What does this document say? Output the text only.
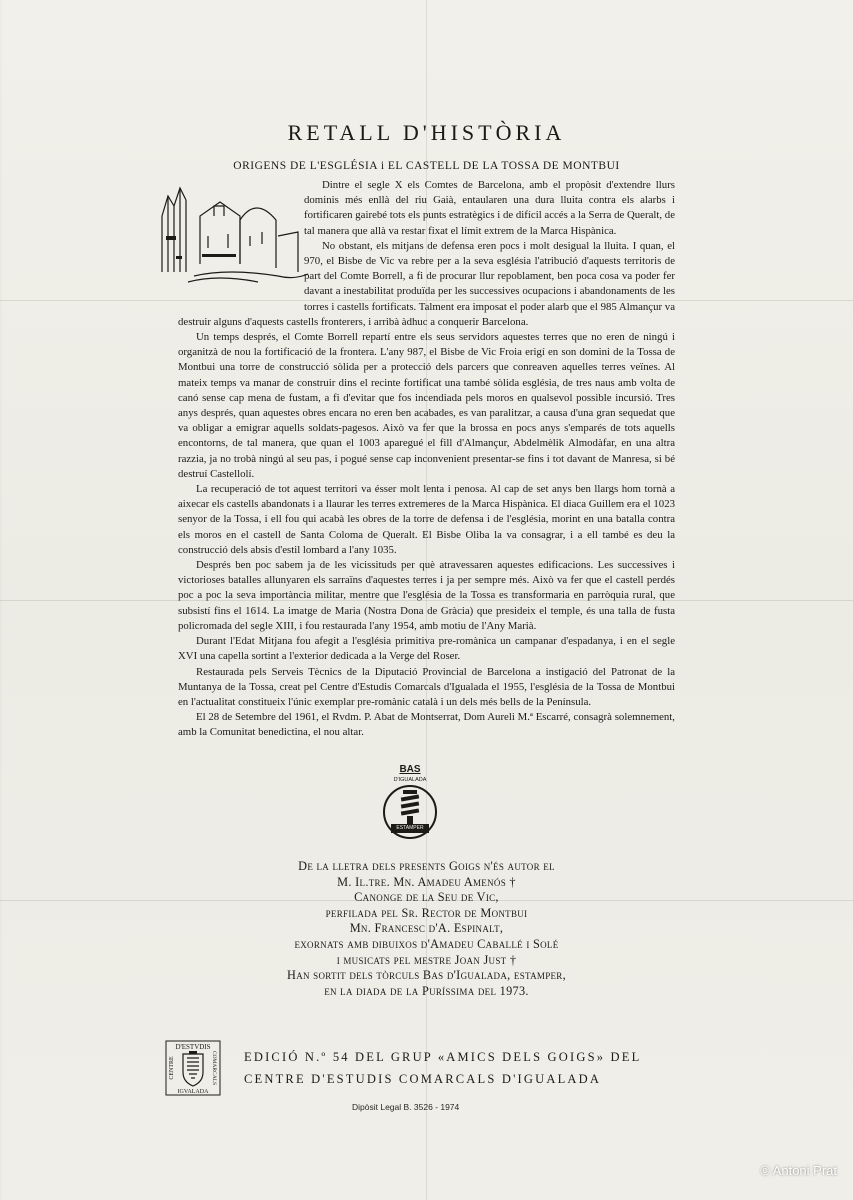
RETALL D'HISTÒRIA
ORIGENS DE L'ESGLÉSIA i EL CASTELL DE LA TOSSA DE MONTBUI

Dintre el segle X els Comtes de Barcelona, amb el propòsit d'extendre llurs dominis més enllà del riu Gaià, entaularen una dura lluita contra els alarbs i fortificaren gairebé tots els punts estratègics i de difícil accés a la Serra de Queralt, de tal manera que allà va restar fixat el límit extrem de la Marca Hispànica.

No obstant, els mitjans de defensa eren pocs i molt desigual la lluita. I quan, el 970, el Bisbe de Vic va rebre per a la seva església l'atribució d'aquests territoris de part del Comte Borrell, a fi de procurar llur repoblament, ben poca cosa va poder fer davant a inestabilitat produïda per les successives ocupacions i abandonaments de les torres i castells fortificats. Talment era imposat el poder alarb que el 985 Almançur va destruir alguns d'aquests castells fronterers, i arribà àdhuc a conquerir Barcelona.

Un temps després, el Comte Borrell repartí entre els seus servidors aquestes terres que no eren de ningú i organitzà de nou la fortificació de la frontera. L'any 987, el Bisbe de Vic Froia erigí en son domini de la Tossa de Montbui una torre de construcció sòlida per a protecció dels parcers que conreaven aquelles terres veïnes. Al mateix temps va manar de construir dins el recinte fortificat una també sòlida església, de tres naus amb volta de canó sense cap mena de fustam, a fi d'evitar que fos incendiada pels moros en qualsevol possible incursió. Tres anys després, quan aquestes obres encara no eren ben acabades, es van paralitzar, a causa d'una gran sequedat que va obligar a emigrar aquells soldats-pagesos. Això va fer que la brossa en pocs anys s'emparés de tots aquells encontorns, de tal manera, que quan el 1003 aparegué el fill d'Almançur, Abdelmèlik Almodàfar, en una altra razzia, ja no trobà ningú al seu pas, i pogué sense cap inconvenient presentar-se fins i tot davant de Manresa, si bé destruí Castellolí.

La recuperació de tot aquest territori va ésser molt lenta i penosa. Al cap de set anys ben llargs hom tornà a aixecar els castells abandonats i a llaurar les terres extremeres de la Marca Hispànica. El diaca Guillem era el 1023 senyor de la Tossa, i ell fou qui acabà les obres de la torre de defensa i de l'església, morint en una batalla contra els moros en el castell de Santa Coloma de Queralt. El Bisbe Oliba la va consagrar, i a ell també es deu la construcció dels absis d'estil lombard a l'any 1035.

Després ben poc sabem ja de les vicissituds per què atravessaren aquestes edificacions. Les successives i victorioses batalles allunyaren els sarraïns d'aquestes terres i ja per sempre més. Això va fer que el castell perdés poc a poc la seva importància militar, mentre que l'església de la Tossa es transformaria en parròquia rural, que subsistí fins el 1614. La imatge de Maria (Nostra Dona de Gràcia) que presideix el temple, és una talla de fusta policromada del segle XIII, i fou restaurada l'any 1954, amb motiu de l'Any Marià.

Durant l'Edat Mitjana fou afegit a l'església primitiva pre-romànica un campanar d'espadanya, i en el segle XVI una capella sortint a l'exterior dedicada a la Verge del Roser.

Restaurada pels Serveis Tècnics de la Diputació Provincial de Barcelona a instigació del Patronat de la Muntanya de la Tossa, creat pel Centre d'Estudis Comarcals d'Igualada el 1955, l'església de la Tossa de Montbui en l'actualitat constitueix l'únic exemplar pre-romànic català i un dels més bells de la Península.

El 28 de Setembre del 1961, el Rvdm. P. Abat de Montserrat, Dom Aureli M.ª Escarré, consagrà solemnement, amb la Comunitat benedictina, el nou altar.

BAS
D'IGUALADA
ESTAMPER
De la lletra dels presents Goigs n'és autor el
M. Il.tre. Mn. Amadeu Amenós †
Canonge de la Seu de Vic,
perfilada pel Sr. Rector de Montbui
Mn. Francesc d'A. Espinalt,
exornats amb dibuixos d'Amadeu Caballé i Solé
i musicats pel mestre Joan Just †
Han sortit dels tòrculs Bas d'Igualada, estamper,
en la diada de la Puríssima del 1973.
D'ESTVDIS
IGVALADA
CENTRE	COMARCALS EDICIÓ N.º 54 DEL GRUP «AMICS DELS GOIGS» DEL
CENTRE D'ESTUDIS COMARCALS D'IGUALADA
Dipòsit Legal B. 3526 - 1974
© Antoni Prat
